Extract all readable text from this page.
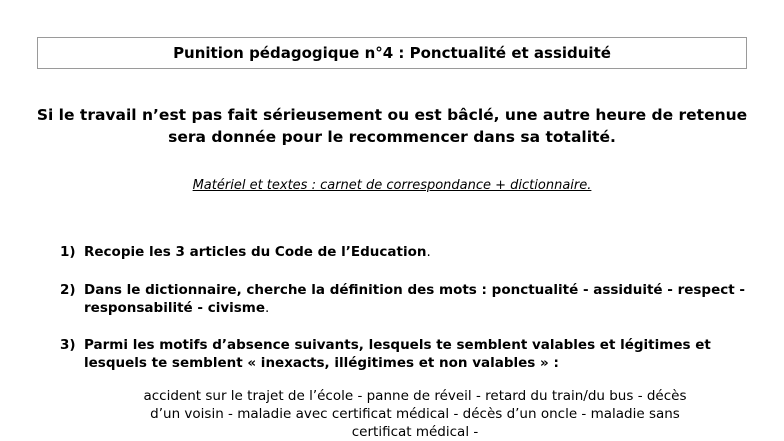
Punition pédagogique n°4 : Ponctualité et assiduité
Si le travail n’est pas fait sérieusement ou est bâclé, une autre heure de retenue
sera donnée pour le recommencer dans sa totalité.
Matériel et textes : carnet de correspondance + dictionnaire.
1) Recopie les 3 articles du Code de l’Education.
2) Dans le dictionnaire, cherche la définition des mots : ponctualité - assiduité - respect -
responsabilité - civisme.
3) Parmi les motifs d’absence suivants, lesquels te semblent valables et légitimes et
lesquels te semblent « inexacts, illégitimes et non valables » :
accident sur le trajet de l’école - panne de réveil - retard du train/du bus - décès
d’un voisin - maladie avec certificat médical - décès d’un oncle - maladie sans
certificat médical -
